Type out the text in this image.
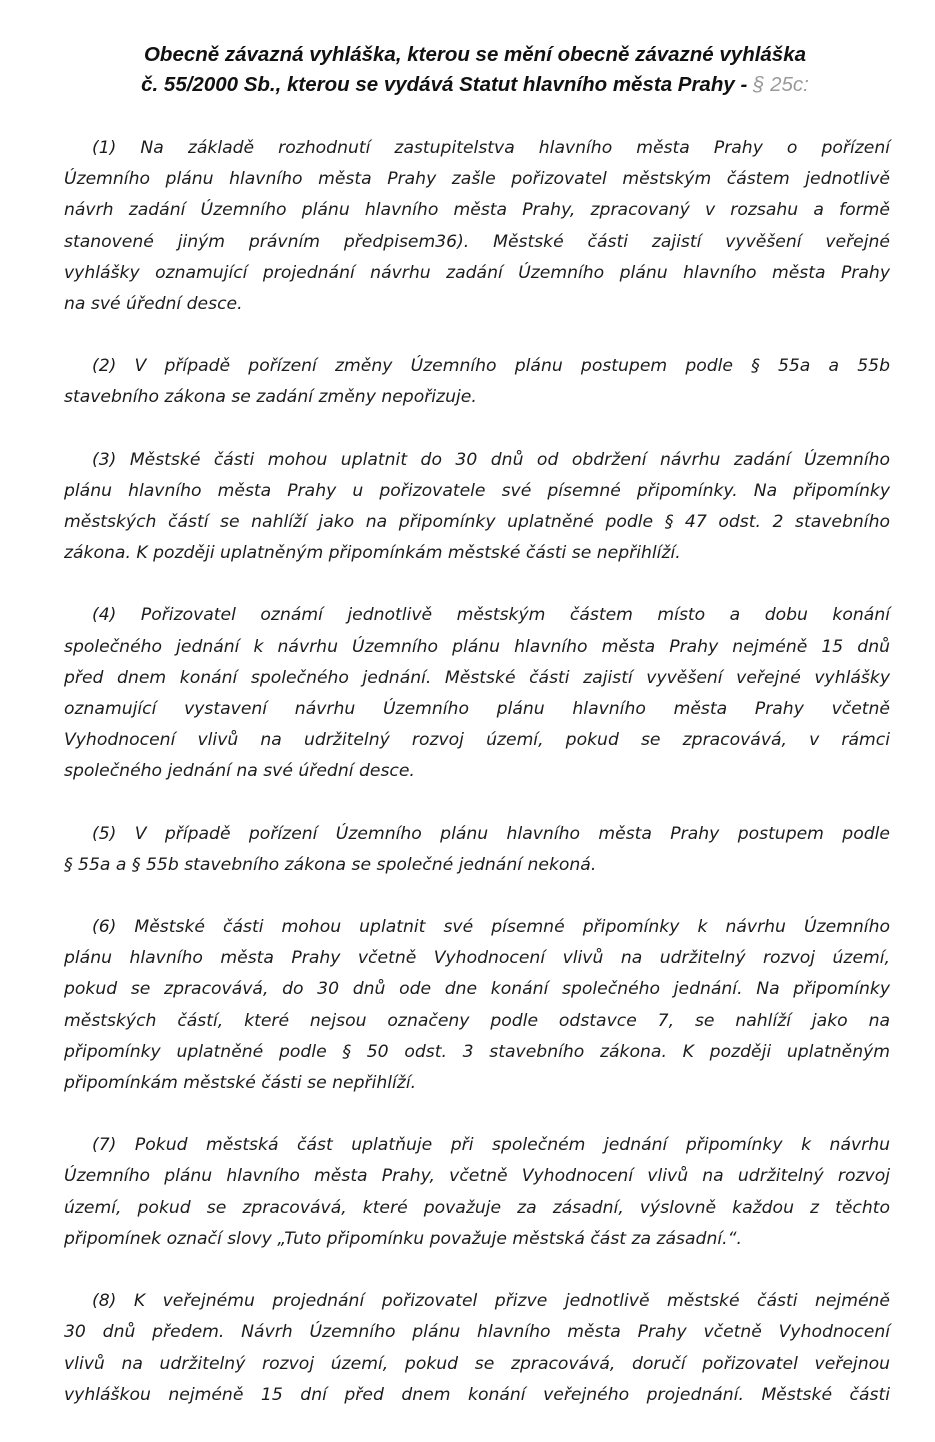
Obecně závazná vyhláška, kterou se mění obecně závazné vyhláška
č. 55/2000 Sb., kterou se vydává Statut hlavního města Prahy - § 25c:
(1) Na základě rozhodnutí zastupitelstva hlavního města Prahy o pořízení
Územního plánu hlavního města Prahy zašle pořizovatel městským částem jednotlivě
návrh zadání Územního plánu hlavního města Prahy, zpracovaný v rozsahu a formě
stanovené jiným právním předpisem36). Městské části zajistí vyvěšení veřejné
vyhlášky oznamující projednání návrhu zadání Územního plánu hlavního města Prahy
na své úřední desce.
(2) V případě pořízení změny Územního plánu postupem podle § 55a a 55b
stavebního zákona se zadání změny nepořizuje.
(3) Městské části mohou uplatnit do 30 dnů od obdržení návrhu zadání Územního
plánu hlavního města Prahy u pořizovatele své písemné připomínky. Na připomínky
městských částí se nahlíží jako na připomínky uplatněné podle § 47 odst. 2 stavebního
zákona. K později uplatněným připomínkám městské části se nepřihlíží.
(4) Pořizovatel oznámí jednotlivě městským částem místo a dobu konání
společného jednání k návrhu Územního plánu hlavního města Prahy nejméně 15 dnů
před dnem konání společného jednání. Městské části zajistí vyvěšení veřejné vyhlášky
oznamující vystavení návrhu Územního plánu hlavního města Prahy včetně
Vyhodnocení vlivů na udržitelný rozvoj území, pokud se zpracovává, v rámci
společného jednání na své úřední desce.
(5) V případě pořízení Územního plánu hlavního města Prahy postupem podle
§ 55a a § 55b stavebního zákona se společné jednání nekoná.
(6) Městské části mohou uplatnit své písemné připomínky k návrhu Územního
plánu hlavního města Prahy včetně Vyhodnocení vlivů na udržitelný rozvoj území,
pokud se zpracovává, do 30 dnů ode dne konání společného jednání. Na připomínky
městských částí, které nejsou označeny podle odstavce 7, se nahlíží jako na
připomínky uplatněné podle § 50 odst. 3 stavebního zákona. K později uplatněným
připomínkám městské části se nepřihlíží.
(7) Pokud městská část uplatňuje při společném jednání připomínky k návrhu
Územního plánu hlavního města Prahy, včetně Vyhodnocení vlivů na udržitelný rozvoj
území, pokud se zpracovává, které považuje za zásadní, výslovně každou z těchto
připomínek označí slovy „Tuto připomínku považuje městská část za zásadní.“.
(8) K veřejnému projednání pořizovatel přizve jednotlivě městské části nejméně
30 dnů předem. Návrh Územního plánu hlavního města Prahy včetně Vyhodnocení
vlivů na udržitelný rozvoj území, pokud se zpracovává, doručí pořizovatel veřejnou
vyhláškou nejméně 15 dní před dnem konání veřejného projednání. Městské části
